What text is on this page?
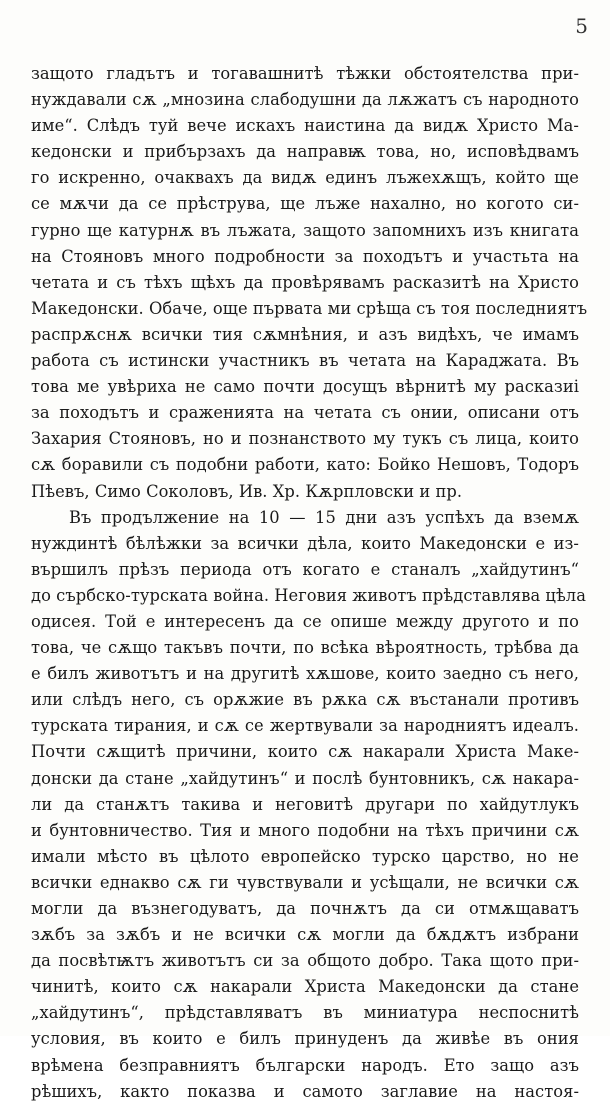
5
защото гладътъ и тогавашнитѣ тѣжки обстоятелства при-
нуждавали сѫ „мнозина слабодушни да лѫжатъ съ народното
име“. Слѣдъ туй вече искахъ наистина да видѫ Христо Ма-
кедонски и прибързахъ да направѭ това, но, исповѣдвамъ
го искренно, очаквахъ да видѫ единъ лъжехѫщъ, който ще
се мѫчи да се прѣструва, ще лъже нахално, но когото си-
гурно ще катурнѫ въ лъжата, защото запомнихъ изъ книгата
на Стояновъ много подробности за походътъ и участьта на
четата и съ тѣхъ щѣхъ да провѣрявамъ расказитѣ на Христо
Македонски. Обаче, още първата ми срѣща съ тоя последниятъ
распрѫснѫ всички тия сѫмнѣния, и азъ видѣхъ, че имамъ
работа съ истински участникъ въ четата на Караджата. Въ
това ме увѣриха не само почти досущъ вѣрнитѣ му расказиi
за походътъ и сраженията на четата съ онии, описани отъ
Захария Стояновъ, но и познанството му тукъ съ лица, които
сѫ боравили съ подобни работи, като: Бойко Нешовъ, Тодоръ
Пѣевъ, Симо Соколовъ, Ив. Хр. Кѫрпловски и пр.
Въ продължение на 10 — 15 дни азъ успѣхъ да вземѫ
нуждинтѣ бѣлѣжки за всички дѣла, които Македонски е из-
вършилъ прѣзъ периода отъ когато е станалъ „хайдутинъ“
до сърбско-турската война. Неговия животъ прѣдставлява цѣла
одисея. Той е интересенъ да се опише между другото и по
това, че сѫщо такъвъ почти, по всѣка вѣроятность, трѣбва да
е билъ животътъ и на другитѣ хѫшове, които заедно съ него,
или слѣдъ него, съ орѫжие въ рѫка сѫ въстанали противъ
турската тирания, и сѫ се жертвували за народниятъ идеалъ.
Почти сѫщитѣ причини, които сѫ накарали Христа Маке-
донски да стане „хайдутинъ“ и послѣ бунтовникъ, сѫ накара-
ли да станѫтъ такива и неговитѣ другари по хайдутлукъ
и бунтовничество. Тия и много подобни на тѣхъ причини сѫ
имали мѣсто въ цѣлото европейско турско царство, но не
всички еднакво сѫ ги чувствували и усѣщали, не всички сѫ
могли да възнегодуватъ, да почнѫтъ да си отмѫщаватъ
зѫбъ за зѫбъ и не всички сѫ могли да бѫдѫтъ избрани
да посвѣтѭтъ животътъ си за общото добро. Така щото при-
чинитѣ, които сѫ накарали Христа Македонски да стане
„хайдутинъ“, прѣдставляватъ въ миниатура неспоснитѣ
условия, въ които е билъ принуденъ да живѣе въ ония
врѣмена безправниятъ български народъ. Ето защо азъ
рѣшихъ, както показва и самото заглавие на настоя-
